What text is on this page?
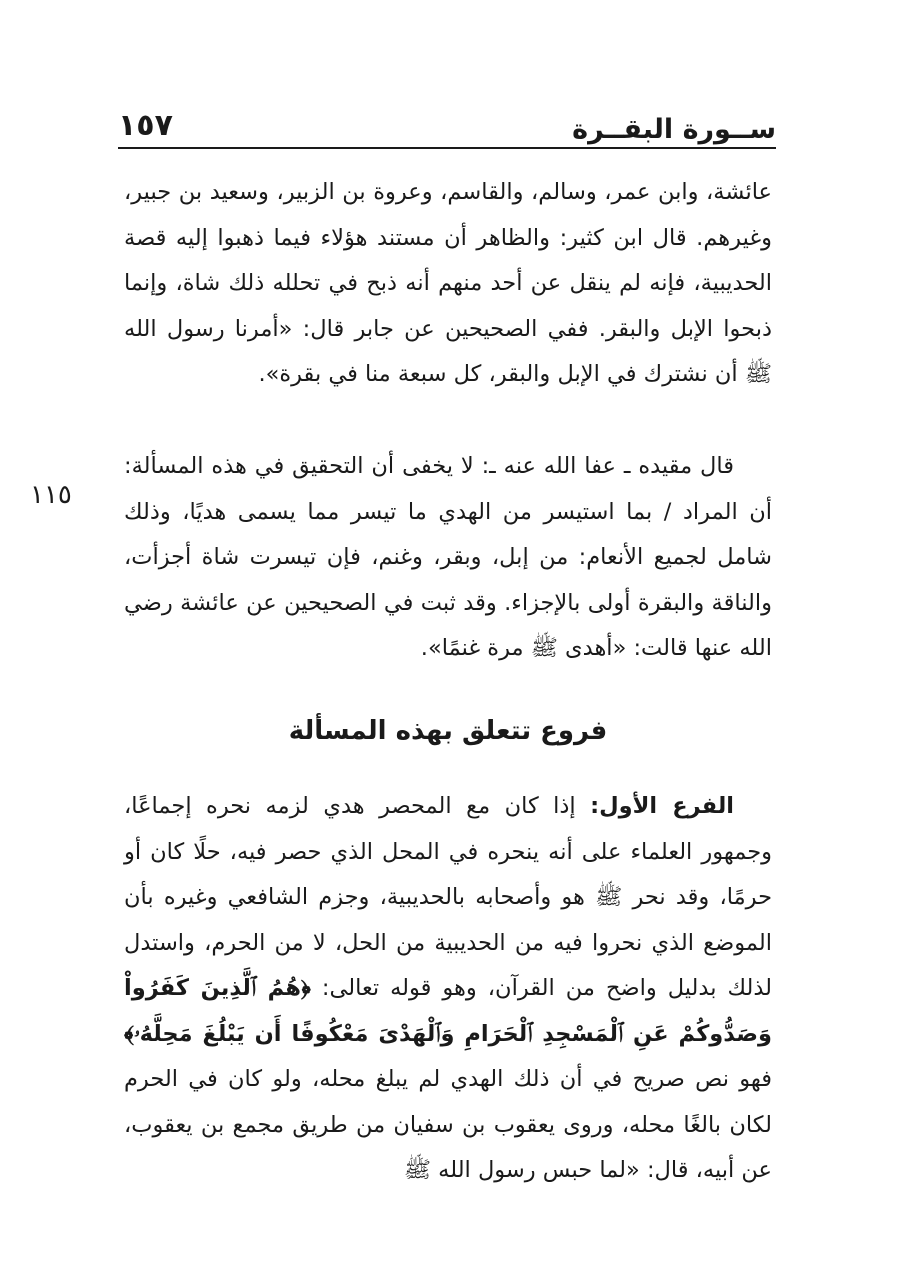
ســورة البقــرة
١٥٧
١١٥

عائشة، وابن عمر، وسالم، والقاسم، وعروة بن الزبير، وسعيد بن جبير، وغيرهم. قال ابن كثير: والظاهر أن مستند هؤلاء فيما ذهبوا إليه قصة الحديبية، فإنه لم ينقل عن أحد منهم أنه ذبح في تحلله ذلك شاة، وإنما ذبحوا الإبل والبقر. ففي الصحيحين عن جابر قال: «أمرنا رسول الله ﷺ أن نشترك في الإبل والبقر، كل سبعة منا في بقرة».

قال مقيده ـ عفا الله عنه ـ: لا يخفى أن التحقيق في هذه المسألة: أن المراد / بما استيسر من الهدي ما تيسر مما يسمى هديًا، وذلك شامل لجميع الأنعام: من إبل، وبقر، وغنم، فإن تيسرت شاة أجزأت، والناقة والبقرة أولى بالإجزاء. وقد ثبت في الصحيحين عن عائشة رضي الله عنها قالت: «أهدى ﷺ مرة غنمًا».

فروع تتعلق بهذه المسألة

الفرع الأول: إذا كان مع المحصر هدي لزمه نحره إجماعًا، وجمهور العلماء على أنه ينحره في المحل الذي حصر فيه، حلًا كان أو حرمًا، وقد نحر ﷺ هو وأصحابه بالحديبية، وجزم الشافعي وغيره بأن الموضع الذي نحروا فيه من الحديبية من الحل، لا من الحرم، واستدل لذلك بدليل واضح من القرآن، وهو قوله تعالى: ﴿هُمُ ٱلَّذِينَ كَفَرُواْ وَصَدُّوكُمْ عَنِ ٱلْمَسْجِدِ ٱلْحَرَامِ وَٱلْهَدْىَ مَعْكُوفًا أَن يَبْلُغَ مَحِلَّهُۥ﴾ فهو نص صريح في أن ذلك الهدي لم يبلغ محله، ولو كان في الحرم لكان بالغًا محله، وروى يعقوب بن سفيان من طريق مجمع بن يعقوب، عن أبيه، قال: «لما حبس رسول الله ﷺ
